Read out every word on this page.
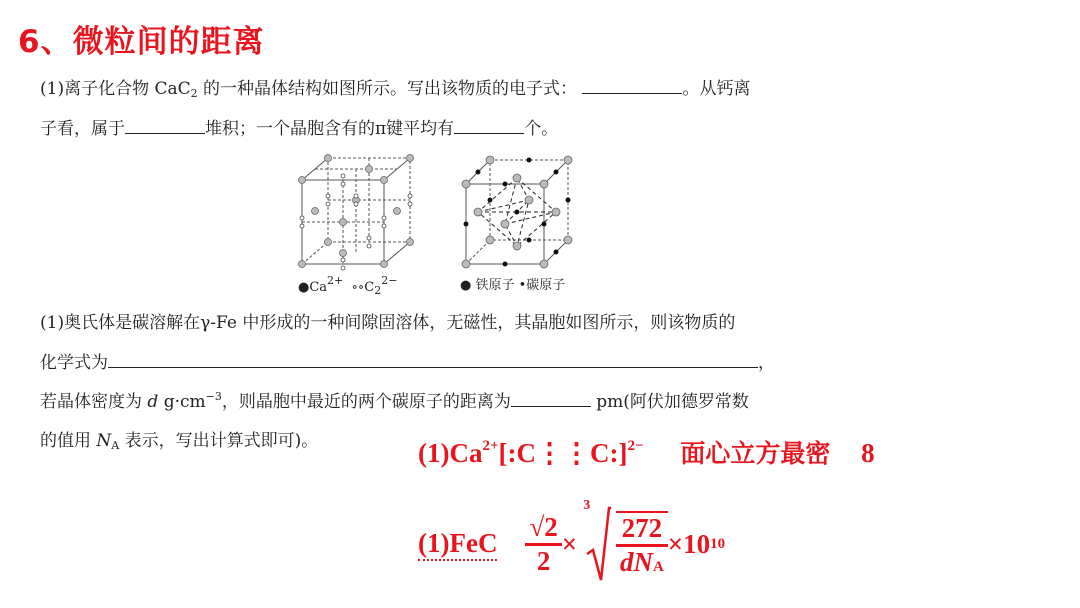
6、微粒间的距离
(1)离子化合物 CaC$_2$ 的一种晶体结构如图所示。写出该物质的电子式：	。从钙离
子看，属于	堆积；一个晶胞含有的π键平均有	个。
$●Ca^{2+}$ $\circ\circ C_2^{2-}$	● 铁原子 •碳原子
(1)奥氏体是碳溶解在γ-Fe 中形成的一种间隙固溶体，无磁性，其晶胞如图所示，则该物质的
化学式为	，
若晶体密度为 d $g\cdot cm^{-3}$，则晶胞中最近的两个碳原子的距离为	pm(阿伏加德罗常数
的值用 $N_A$ 表示，写出计算式即可)。	$(1)Ca^{2+}[:C⋮⋮C:]^{2-}$ 面心立方最密 8
$(1)FeC \frac{√2}{2}$ ×
3

$\frac{272}{\text{dNA}} \times 10$ 10
